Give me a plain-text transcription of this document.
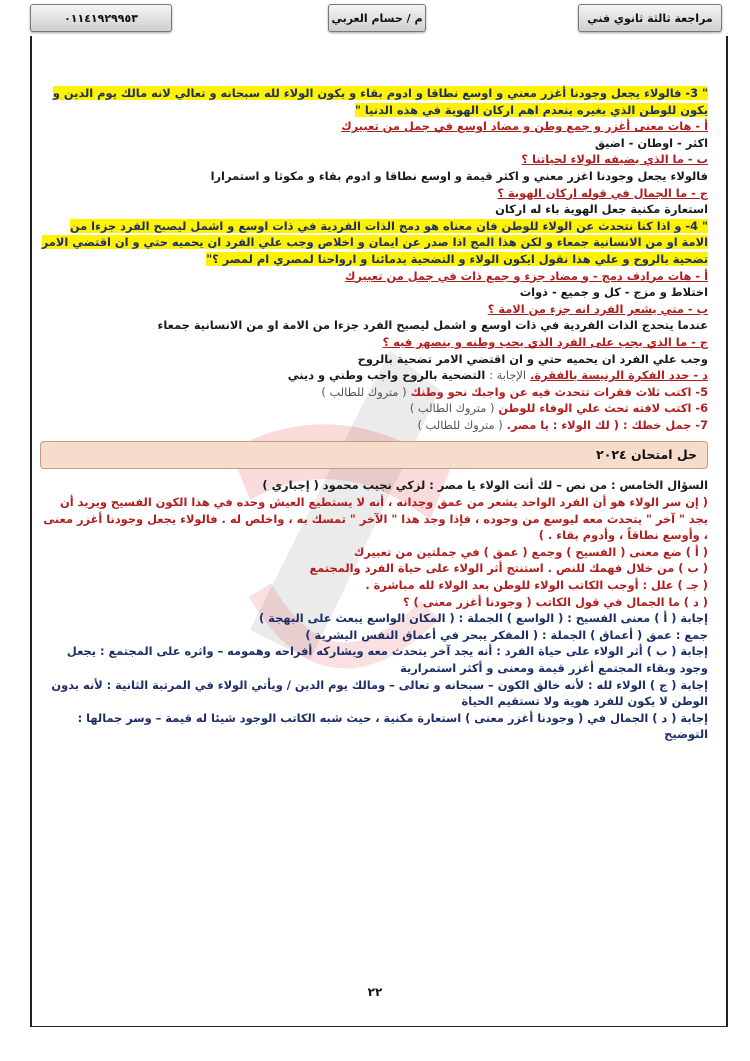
٠١١٤١٩٢٩٩٥٣	م / حسام العربي	مراجعة ثالثة ثانوي فني

" 3- فالولاء يجعل وجودنا أغزر معني و اوسع نطاقا و ادوم بقاء و يكون الولاء لله سبحانه و تعالي لانه مالك يوم الدين و يكون للوطن الذي بغيره ينعدم اهم اركان الهوية في هذه الدنيا "

أ - هات معنى أغزر و جمع وطن و مضاد اوسع في جمل من تعبيرك

اكثر - اوطان - اضيق

ب - ما الذي يضيفه الولاء لحياتنا ؟

فالولاء يجعل وجودنا اغزر معني و اكثر قيمة و اوسع نطاقا و ادوم بقاء و مكوثا و استمرارا

ج - ما الجمال في قوله اركان الهوية ؟

استعارة مكنية جعل الهوية باء له اركان

" 4- و اذا كنا نتحدث عن الولاء للوطن فان معناه هو دمج الذات الفردية في ذات اوسع و اشمل ليصبح الفرد جزءا من الامة او من الانسانية جمعاء و لكن هذا المج اذا صدر عن ايمان و اخلاص وجب علي الفرد ان يحميه حتي و ان اقتضي الامر تضحية بالروح و علي هذا نقول ايكون الولاء و التضحية بدمائنا و ارواحنا لمصري ام لمصر ؟"

أ - هات مرادف دمج - و مضاد جزء و جمع ذات في جمل من تعبيرك

اختلاط و مزج - كل و جميع - ذوات

ب - متي يشعر الفرد انه جزء من الامة ؟

عندما يتحدج الذات الفردية في ذات اوسع و اشمل ليصبح الفرد جزءا من الامة او من الانسانية جمعاء

ج - ما الذي يجب على الفرد الذي يحب وطنه و ينصهر فيه ؟

وجب علي الفرد ان يحميه حتي و ان اقتضي الامر تضحية بالروح

د - حدد الفكرة الرنيسة بالفقرة. الإجابة : التضحية بالروح واجب وطني و ديني

5- اكتب ثلاث فقرات تتحدث فيه عن واجبك نحو وطنك ( متروك للطالب )

6- اكتب لافته تحث علي الوفاء للوطن ( متروك الطالب )

7- جمل خطك : ( لك الولاء : يا مصر. ( متروك للطالب )

حل امتحان ٢٠٢٤

السؤال الخامس : من نص – لك أنت الولاء يا مصر : لزكي نجيب محمود ( إجباري )

( إن سر الولاء هو أن الفرد الواحد يشعر من عمق وجدانه ، أنه لا يستطيع العيش وحده في هذا الكون الفسيح ويريد أن يجد " آخر " يتحدث معه ليوسع من وجوده ، فإذا وجد هذا " الآخر " تمسك به ، واخلص له . فالولاء يجعل وجودنا أغزر معنى ، وأوسع نطاقاً ، وأدوم بقاء . )

( أ ) ضع معنى ( الفسيح ) وجمع ( عمق ) في جملتين من تعبيرك

( ب ) من خلال فهمك للنص . استنتج أثر الولاء على حياة الفرد والمجتمع

( جـ ) علل : أوجب الكاتب الولاء للوطن بعد الولاء لله مباشرة .

( د ) ما الجمال في قول الكاتب ( وجودنا أغزر معنى ) ؟

إجابة ( أ ) معنى الفسيح : ( الواسع ) الجملة : ( المكان الواسع يبعث على البهجة )

جمع : عمق ( أعماق ) الجملة : ( المفكر يبحر في أعماق النفس البشرية )

إجابة ( ب ) أثر الولاء على حياة الفرد : أنه يجد آخر يتحدث معه ويشاركه أفراحه وهمومه – واثره على المجتمع : يجعل وجود وبقاء المجتمع أغزر قيمة ومعنى و أكثر استمرارية

إجابة ( ج ) الولاء لله : لأنه خالق الكون – سبحانه و تعالى – ومالك يوم الدين / ويأتي الولاء في المرتبة الثانية : لأنه بدون الوطن لا يكون للفرد هوية ولا تستقيم الحياة

إجابة ( د ) الجمال في ( وجودنا أغزر معنى ) استعارة مكنية ، حيث شبه الكاتب الوجود شيئا له قيمة – وسر جمالها : التوضيح

٢٢
